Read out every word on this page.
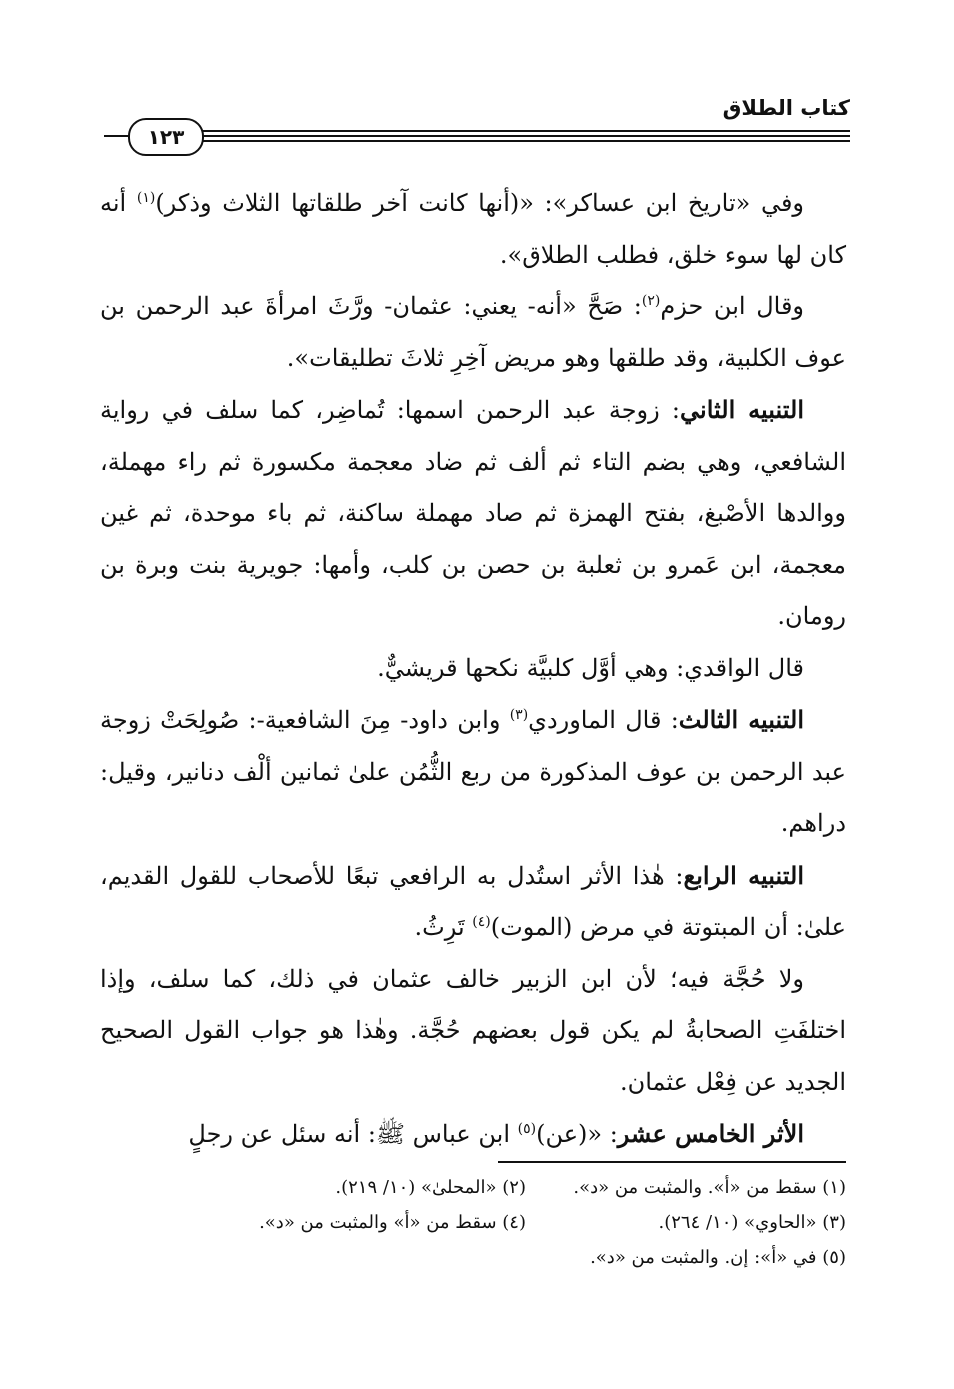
كتاب الطلاق
١٢٣

وفي «تاريخ ابن عساكر»: «(أنها كانت آخر طلقاتها الثلاث وذكر)$^{(١)}$ أنه كان لها سوء خلق، فطلب الطلاق».

وقال ابن حزم$^{(٢)}$: صَحَّ «أنه- يعني: عثمان- ورَّثَ امرأةَ عبد الرحمن بن عوف الكلبية، وقد طلقها وهو مريض آخِرِ ثلاثَ تطليقات».

التنبيه الثاني: زوجة عبد الرحمن اسمها: تُماضِر، كما سلف في رواية الشافعي، وهي بضم التاء ثم ألف ثم ضاد معجمة مكسورة ثم راء مهملة، ووالدها الأصْبغ، بفتح الهمزة ثم صاد مهملة ساكنة، ثم باء موحدة، ثم غين معجمة، ابن عَمرو بن ثعلبة بن حصن بن كلب، وأمها: جويرية بنت وبرة بن رومان.

قال الواقدي: وهي أوَّل كلبيَّة نكحها قريشيٌّ.

التنبيه الثالث: قال الماوردي$^{(٣)}$ وابن داود- مِنَ الشافعية-: صُولِحَتْ زوجة عبد الرحمن بن عوف المذكورة من ربع الثُّمُن علىٰ ثمانين ألْف دنانير، وقيل: دراهم.

التنبيه الرابع: هٰذا الأثر استُدل به الرافعي تبعًا للأصحاب للقول القديم، علىٰ: أن المبتوتة في مرض (الموت)$^{(٤)}$ تَرِثُ.

ولا حُجَّة فيه؛ لأن ابن الزبير خالف عثمان في ذلك، كما سلف، وإذا اختلفَتِ الصحابةُ لم يكن قول بعضهم حُجَّة. وهٰذا هو جواب القول الصحيح الجديد عن فِعْل عثمان.

الأثر الخامس عشر: «(عن)$^{(٥)}$ ابن عباس ﷺ: أنه سئل عن رجلٍ

(١) سقط من «أ». والمثبت من «د».
(٢) «المحلىٰ» (١٠/ ٢١٩).
(٣) «الحاوي» (١٠/ ٢٦٤).
(٤) سقط من «أ» والمثبت من «د».
(٥) في «أ»: إن. والمثبت من «د».
